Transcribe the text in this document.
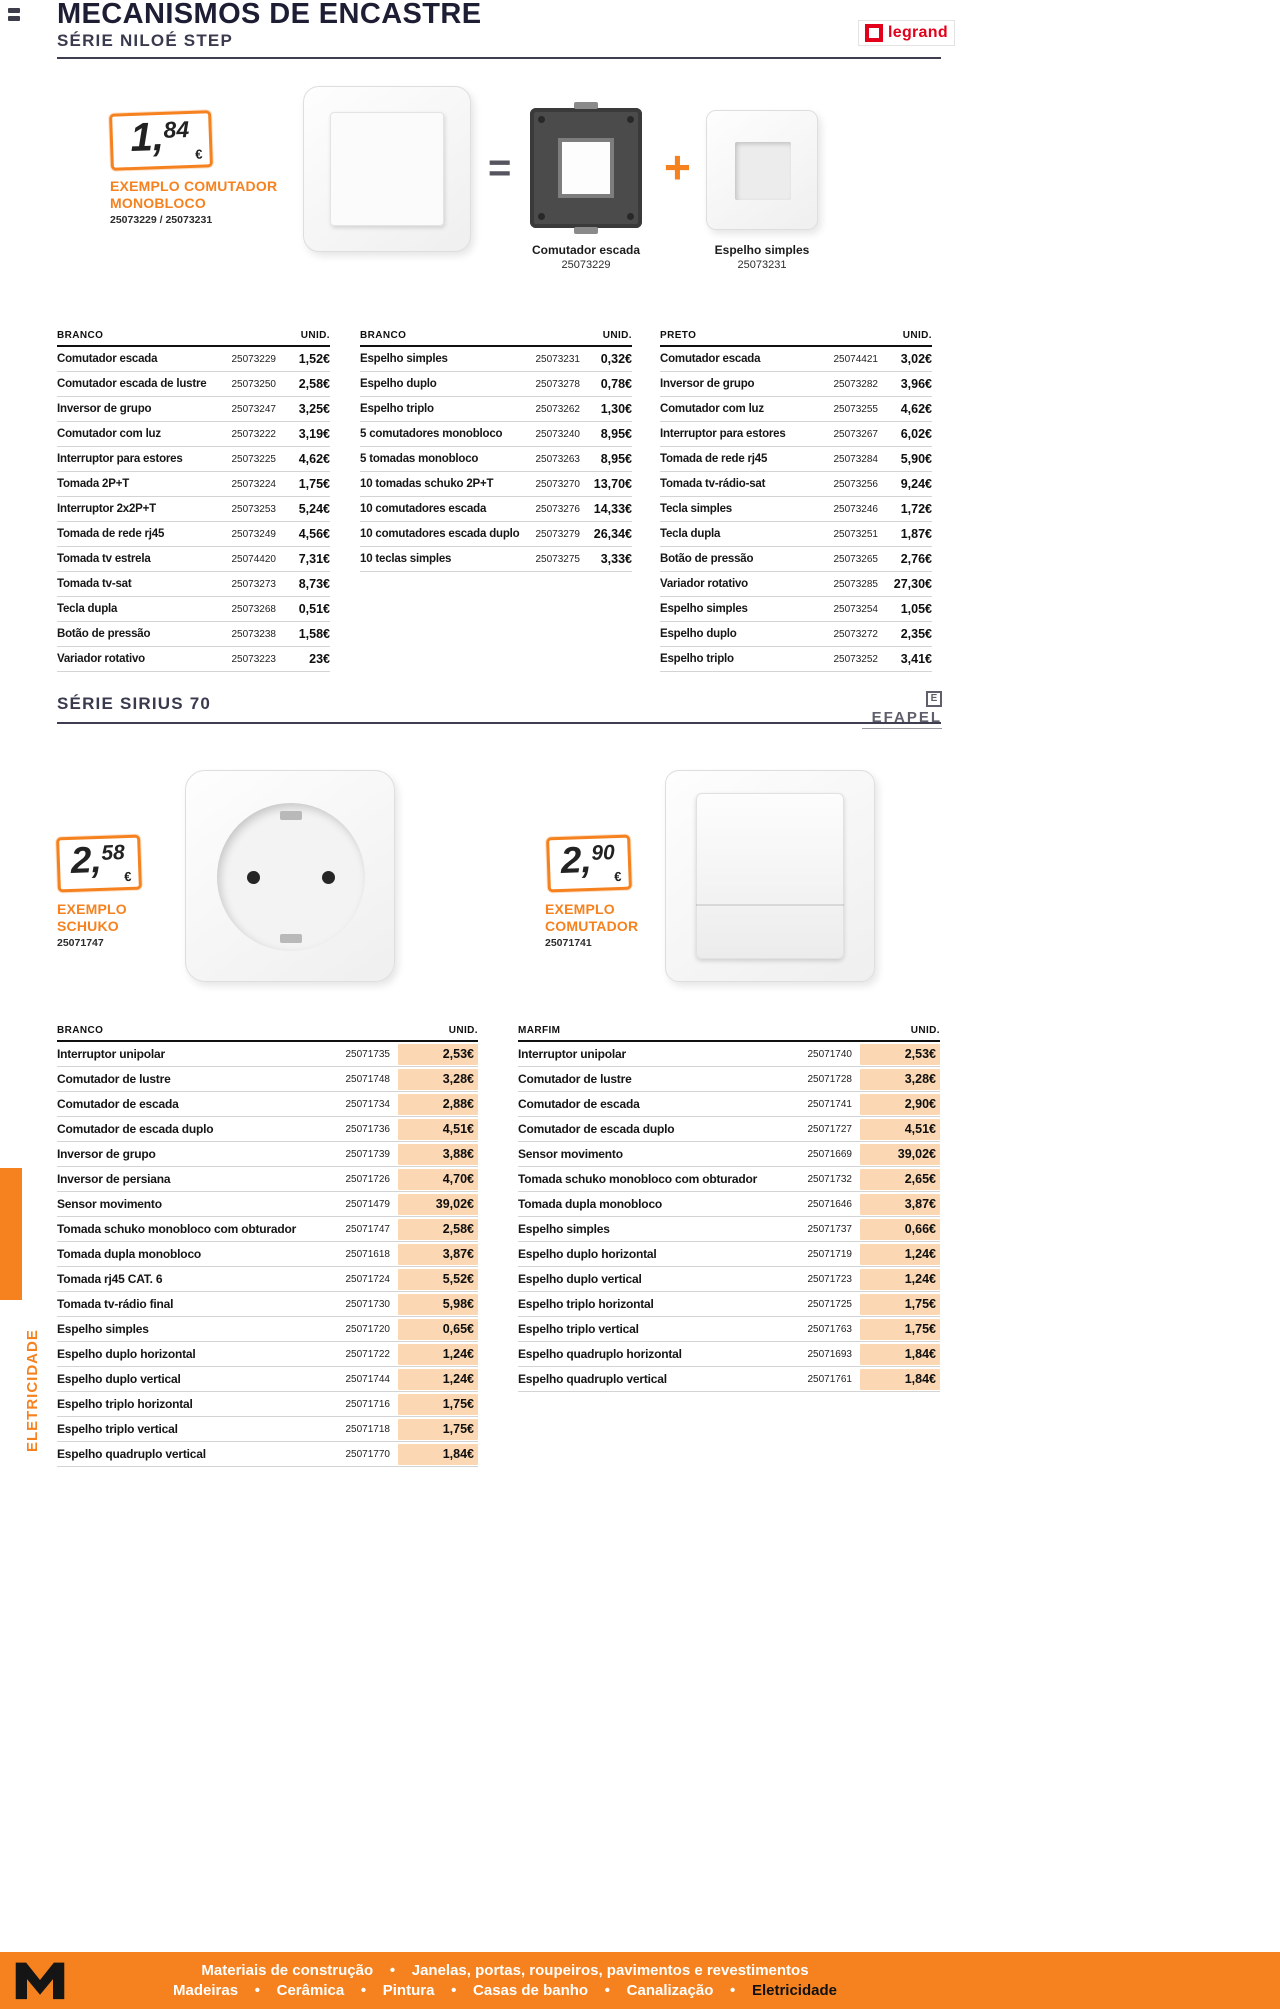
MECANISMOS DE ENCASTRE
SÉRIE NILOÉ STEP	legrand
1,
84
€
EXEMPLO COMUTADOR
MONOBLOCO
25073229 / 25073231
=	+
Comutador escada
25073229
Espelho simples
25073231
BRANCO	UNID.
Comutador escada	25073229	1,52€
Comutador escada de lustre	25073250	2,58€
Inversor de grupo	25073247	3,25€
Comutador com luz	25073222	3,19€
Interruptor para estores	25073225	4,62€
Tomada 2P+T	25073224	1,75€
Interruptor 2x2P+T	25073253	5,24€
Tomada de rede rj45	25073249	4,56€
Tomada tv estrela	25074420	7,31€
Tomada tv-sat	25073273	8,73€
Tecla dupla	25073268	0,51€
Botão de pressão	25073238	1,58€
Variador rotativo	25073223	23€
BRANCO	UNID.
Espelho simples	25073231	0,32€
Espelho duplo	25073278	0,78€
Espelho triplo	25073262	1,30€
5 comutadores monobloco	25073240	8,95€
5 tomadas monobloco	25073263	8,95€
10 tomadas schuko 2P+T	25073270	13,70€
10 comutadores escada	25073276	14,33€
10 comutadores escada duplo	25073279	26,34€
10 teclas simples	25073275	3,33€
PRETO	UNID.
Comutador escada	25074421	3,02€
Inversor de grupo	25073282	3,96€
Comutador com luz	25073255	4,62€
Interruptor para estores	25073267	6,02€
Tomada de rede rj45	25073284	5,90€
Tomada tv-rádio-sat	25073256	9,24€
Tecla simples	25073246	1,72€
Tecla dupla	25073251	1,87€
Botão de pressão	25073265	2,76€
Variador rotativo	25073285	27,30€
Espelho simples	25073254	1,05€
Espelho duplo	25073272	2,35€
Espelho triplo	25073252	3,41€
SÉRIE SIRIUS 70	E
EFAPEL
2,
58
€
EXEMPLO
SCHUKO
25071747
2,
90
€
EXEMPLO
COMUTADOR
25071741
BRANCO	UNID.
Interruptor unipolar	25071735	2,53€
Comutador de lustre	25071748	3,28€
Comutador de escada	25071734	2,88€
Comutador de escada duplo	25071736	4,51€
Inversor de grupo	25071739	3,88€
Inversor de persiana	25071726	4,70€
Sensor movimento	25071479	39,02€
Tomada schuko monobloco com obturador	25071747	2,58€
Tomada dupla monobloco	25071618	3,87€
Tomada rj45 CAT. 6	25071724	5,52€
Tomada tv-rádio final	25071730	5,98€
Espelho simples	25071720	0,65€
Espelho duplo horizontal	25071722	1,24€
Espelho duplo vertical	25071744	1,24€
Espelho triplo horizontal	25071716	1,75€
Espelho triplo vertical	25071718	1,75€
Espelho quadruplo vertical	25071770	1,84€
MARFIM	UNID.
Interruptor unipolar	25071740	2,53€
Comutador de lustre	25071728	3,28€
Comutador de escada	25071741	2,90€
Comutador de escada duplo	25071727	4,51€
Sensor movimento	25071669	39,02€
Tomada schuko monobloco com obturador	25071732	2,65€
Tomada dupla monobloco	25071646	3,87€
Espelho simples	25071737	0,66€
Espelho duplo horizontal	25071719	1,24€
Espelho duplo vertical	25071723	1,24€
Espelho triplo horizontal	25071725	1,75€
Espelho triplo vertical	25071763	1,75€
Espelho quadruplo horizontal	25071693	1,84€
Espelho quadruplo vertical	25071761	1,84€
ELETRICIDADE
Materiais de construção    •    Janelas, portas, roupeiros, pavimentos e revestimentos
Madeiras    •    Cerâmica    •    Pintura    •    Casas de banho    •    Canalização    •    Eletricidade
